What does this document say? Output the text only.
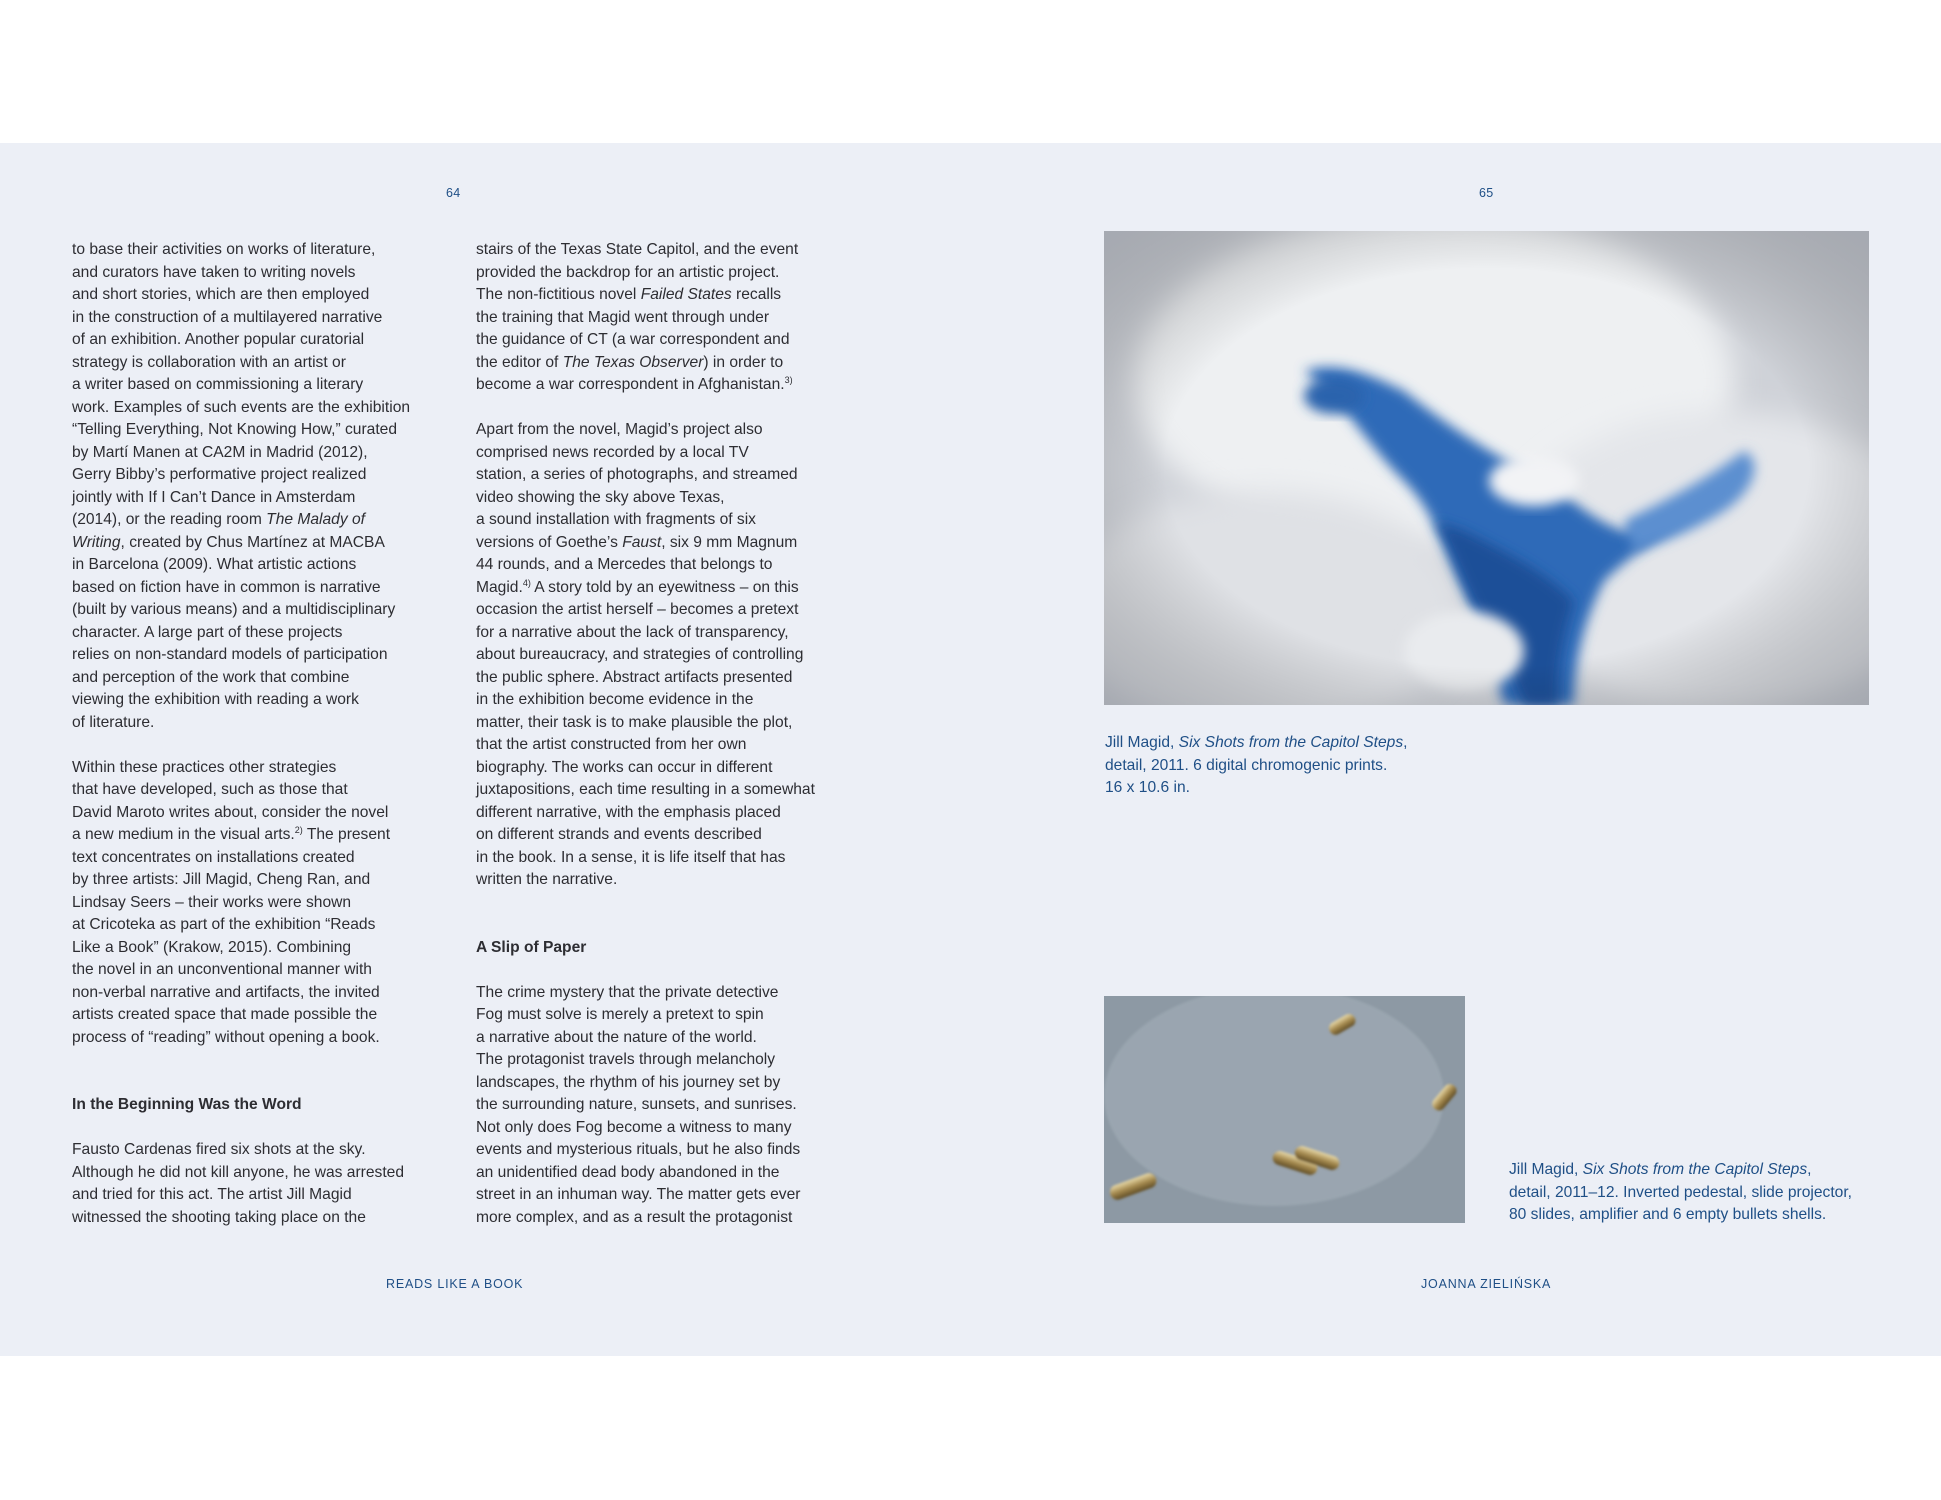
64	65

to base their activities on works of literature,
and curators have taken to writing novels
and short stories, which are then employed
in the construction of a multilayered narrative
of an exhibition. Another popular curatorial
strategy is collaboration with an artist or
a writer based on commissioning a literary
work. Examples of such events are the exhibition
“Telling Everything, Not Knowing How,” curated
by Martí Manen at CA2M in Madrid (2012),
Gerry Bibby’s performative project realized
jointly with If I Can’t Dance in Amsterdam
(2014), or the reading room The Malady of
Writing, created by Chus Martínez at MACBA
in Barcelona (2009). What artistic actions
based on fiction have in common is narrative
(built by various means) and a multidisciplinary
character. A large part of these projects
relies on non-standard models of participation
and perception of the work that combine
viewing the exhibition with reading a work
of literature.

Within these practices other strategies
that have developed, such as those that
David Maroto writes about, consider the novel
a new medium in the visual arts.$^{2)}$ The present
text concentrates on installations created
by three artists: Jill Magid, Cheng Ran, and
Lindsay Seers – their works were shown
at Cricoteka as part of the exhibition “Reads
Like a Book” (Krakow, 2015). Combining
the novel in an unconventional manner with
non-verbal narrative and artifacts, the invited
artists created space that made possible the
process of “reading” without opening a book.

In the Beginning Was the Word

Fausto Cardenas fired six shots at the sky.
Although he did not kill anyone, he was arrested
and tried for this act. The artist Jill Magid
witnessed the shooting taking place on the

stairs of the Texas State Capitol, and the event
provided the backdrop for an artistic project.
The non-fictitious novel Failed States recalls
the training that Magid went through under
the guidance of CT (a war correspondent and
the editor of The Texas Observer) in order to
become a war correspondent in Afghanistan.$^{3)}$

Apart from the novel, Magid’s project also
comprised news recorded by a local TV
station, a series of photographs, and streamed
video showing the sky above Texas,
a sound installation with fragments of six
versions of Goethe’s Faust, six 9 mm Magnum
44 rounds, and a Mercedes that belongs to
Magid.$^{4)}$ A story told by an eyewitness – on this
occasion the artist herself – becomes a pretext
for a narrative about the lack of transparency,
about bureaucracy, and strategies of controlling
the public sphere. Abstract artifacts presented
in the exhibition become evidence in the
matter, their task is to make plausible the plot,
that the artist constructed from her own
biography. The works can occur in different
juxtapositions, each time resulting in a somewhat
different narrative, with the emphasis placed
on different strands and events described
in the book. In a sense, it is life itself that has
written the narrative.

A Slip of Paper

The crime mystery that the private detective
Fog must solve is merely a pretext to spin
a narrative about the nature of the world.
The protagonist travels through melancholy
landscapes, the rhythm of his journey set by
the surrounding nature, sunsets, and sunrises.
Not only does Fog become a witness to many
events and mysterious rituals, but he also finds
an unidentified dead body abandoned in the
street in an inhuman way. The matter gets ever
more complex, and as a result the protagonist

Jill Magid, Six Shots from the Capitol Steps,
detail, 2011. 6 digital chromogenic prints.
16 x 10.6 in.
Jill Magid, Six Shots from the Capitol Steps,
detail, 2011–12. Inverted pedestal, slide projector,
80 slides, amplifier and 6 empty bullets shells.
READS LIKE A BOOK	JOANNA ZIELIŃSKA
